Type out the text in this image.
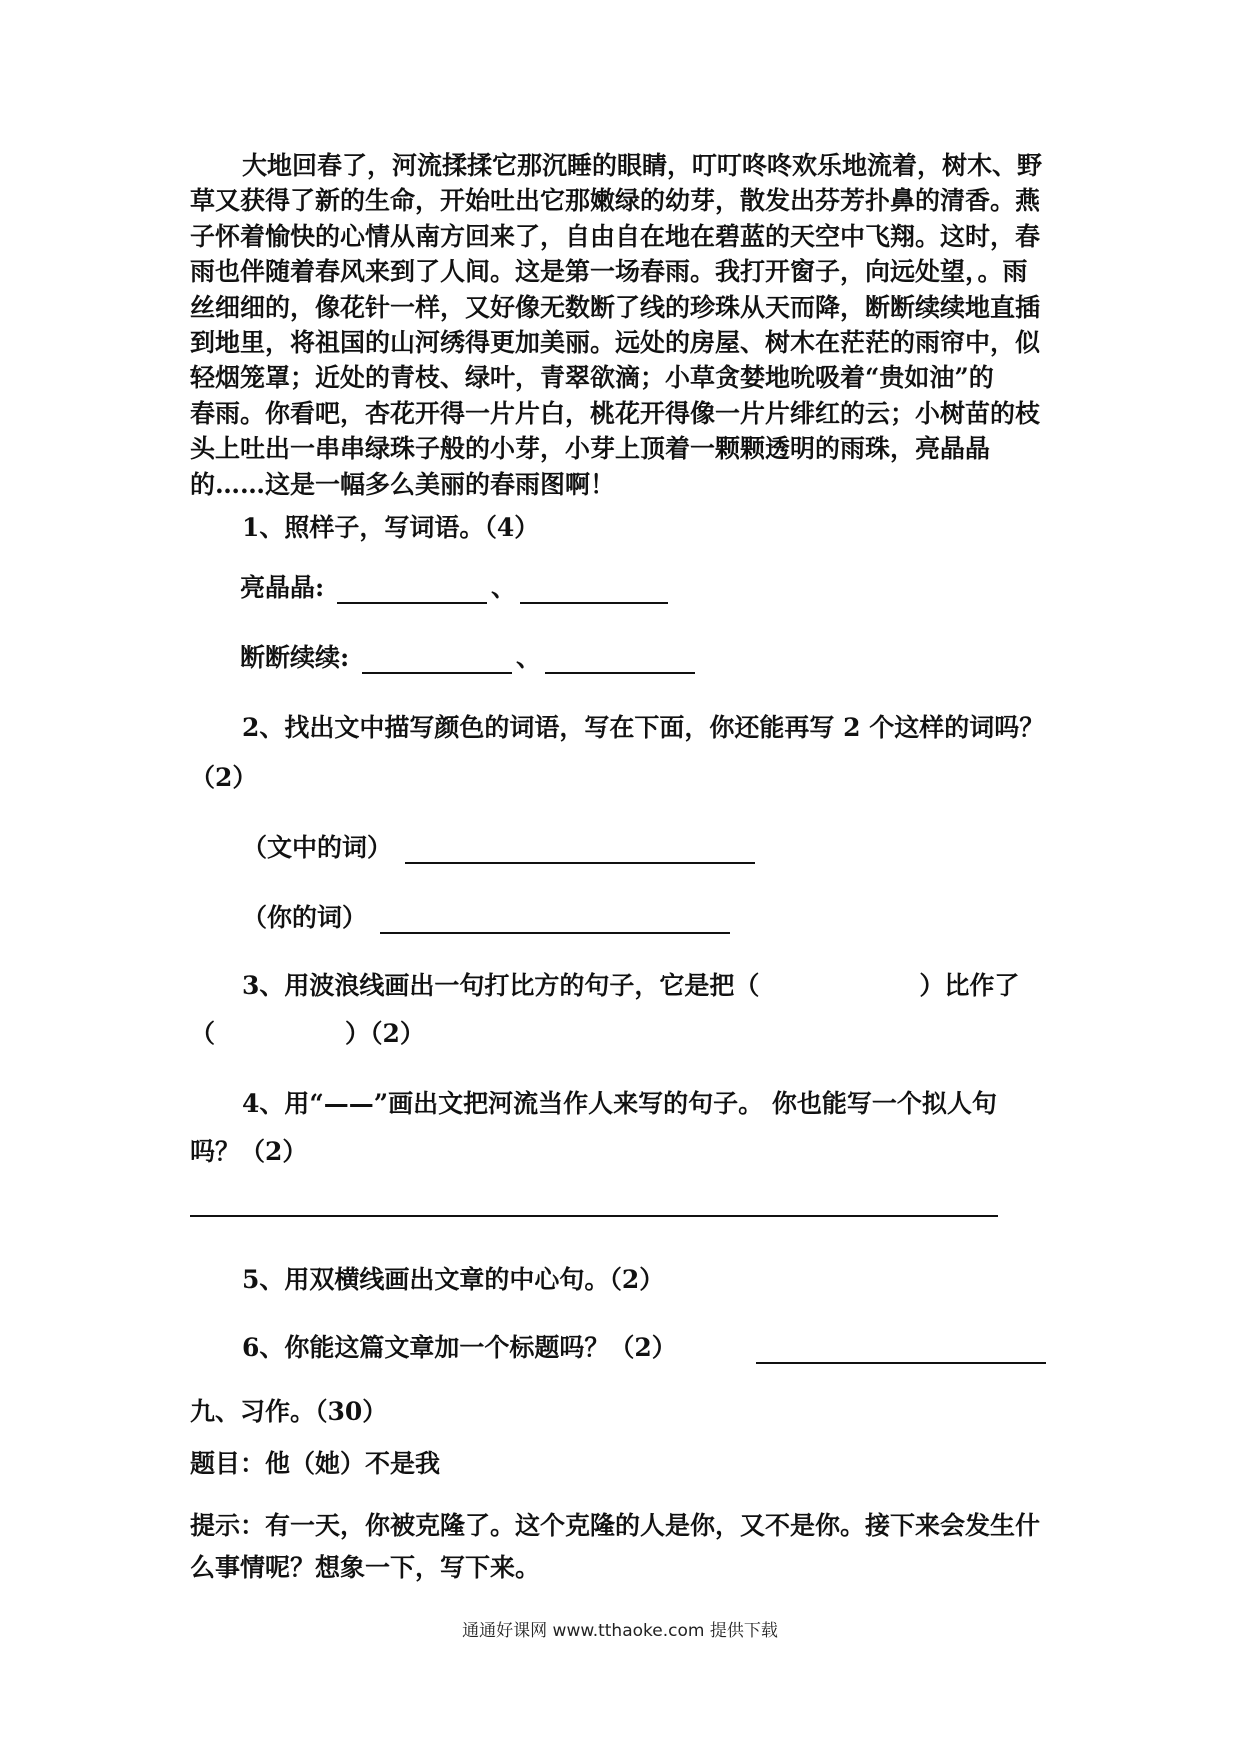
大地回春了，河流揉揉它那沉睡的眼睛，叮叮咚咚欢乐地流着，树木、野
草又获得了新的生命，开始吐出它那嫩绿的幼芽，散发出芬芳扑鼻的清香。燕
子怀着愉快的心情从南方回来了，自由自在地在碧蓝的天空中飞翔。这时，春
雨也伴随着春风来到了人间。这是第一场春雨。我打开窗子，向远处望，。雨
丝细细的，像花针一样，又好像无数断了线的珍珠从天而降，断断续续地直插
到地里，将祖国的山河绣得更加美丽。远处的房屋、树木在茫茫的雨帘中，似
轻烟笼罩；近处的青枝、绿叶，青翠欲滴；小草贪婪地吮吸着“贵如油”的
春雨。你看吧，杏花开得一片片白，桃花开得像一片片绯红的云；小树苗的枝
头上吐出一串串绿珠子般的小芽，小芽上顶着一颗颗透明的雨珠，亮晶晶
的……这是一幅多么美丽的春雨图啊！
1、照样子，写词语。（4）
亮晶晶:	、
断断续续:	、
2、找出文中描写颜色的词语，写在下面，你还能再写 2 个这样的词吗？
（2）
（文中的词）
（你的词）
3、用波浪线画出一句打比方的句子，它是把（	）比作了
（	）（2）
4、用“——”画出文把河流当作人来写的句子。 你也能写一个拟人句
吗？（2）
5、用双横线画出文章的中心句。（2）
6、你能这篇文章加一个标题吗？（2）
九、习作。（30）
题目：他（她）不是我
提示：有一天，你被克隆了。这个克隆的人是你，又不是你。接下来会发生什
么事情呢？想象一下，写下来。
通通好课网 www.tthaoke.com 提供下载
